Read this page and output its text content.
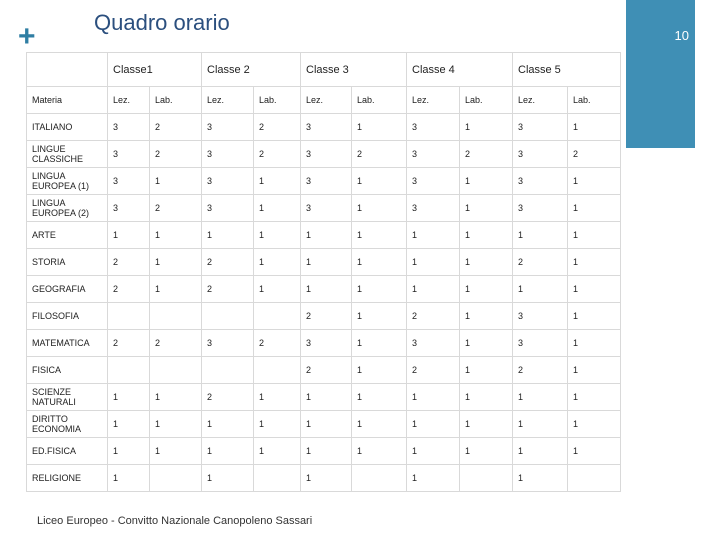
+	Quadro orario
10
	Classe1		Classe 2		Classe 3		Classe 4		Classe 5	
Materia	Lez.	Lab.	Lez.	Lab.	Lez.	Lab.	Lez.	Lab.	Lez.	Lab.
ITALIANO	3	2	3	2	3	1	3	1	3	1
LINGUE CLASSICHE	3	2	3	2	3	2	3	2	3	2
LINGUA EUROPEA (1)	3	1	3	1	3	1	3	1	3	1
LINGUA EUROPEA (2)	3	2	3	1	3	1	3	1	3	1
ARTE	1	1	1	1	1	1	1	1	1	1
STORIA	2	1	2	1	1	1	1	1	2	1
GEOGRAFIA	2	1	2	1	1	1	1	1	1	1
FILOSOFIA					2	1	2	1	3	1
MATEMATICA	2	2	3	2	3	1	3	1	3	1
FISICA					2	1	2	1	2	1
SCIENZE NATURALI	1	1	2	1	1	1	1	1	1	1
DIRITTO ECONOMIA	1	1	1	1	1	1	1	1	1	1
ED.FISICA	1	1	1	1	1	1	1	1	1	1
RELIGIONE	1		1		1		1		1	
Liceo Europeo - Convitto Nazionale Canopoleno Sassari
